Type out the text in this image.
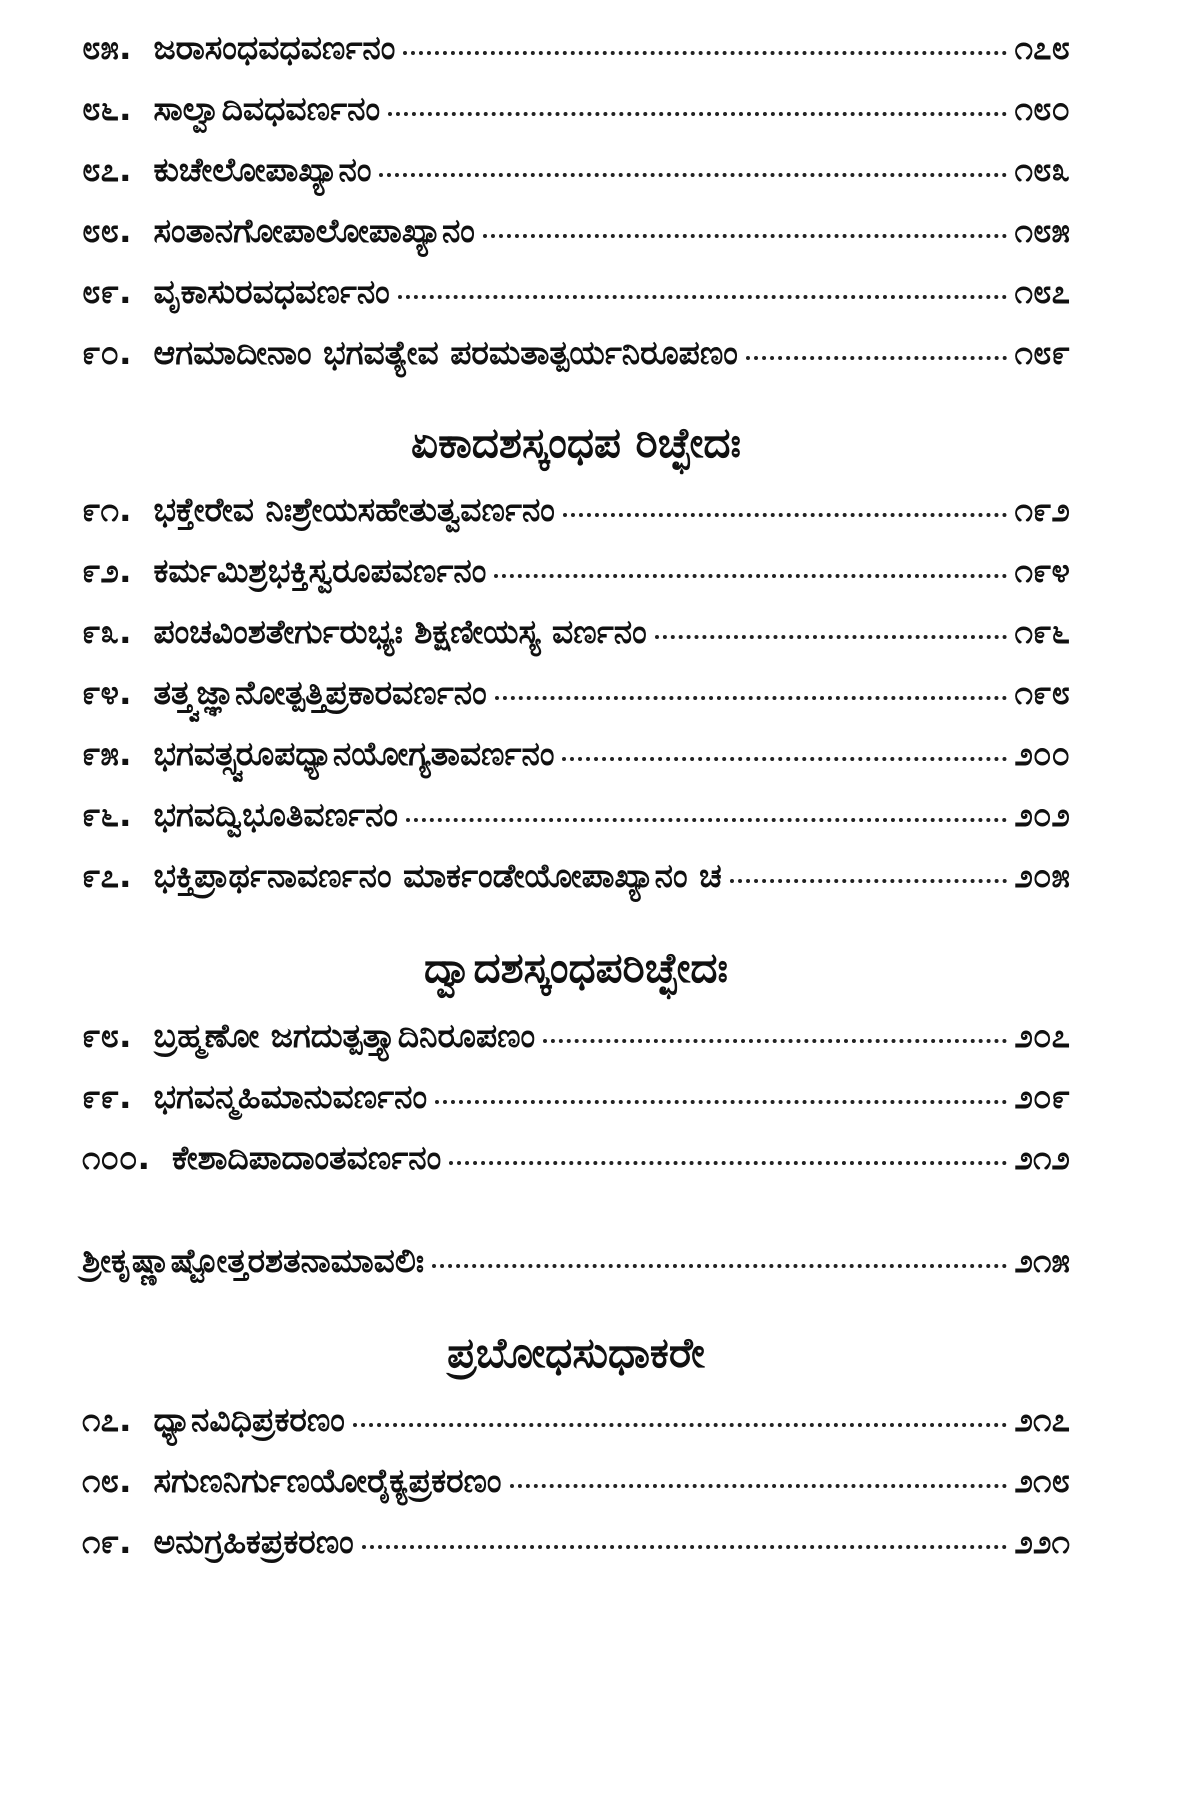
೮೫. ಜರಾಸಂಧವಧವರ್ಣನಂ	೧೭೮
೮೬. ಸಾಲ್ವಾದಿವಧವರ್ಣನಂ	೧೮೦
೮೭. ಕುಚೇಲೋಪಾಖ್ಯಾನಂ	೧೮೩
೮೮. ಸಂತಾನಗೋಪಾಲೋಪಾಖ್ಯಾನಂ	೧೮೫
೮೯. ವೃಕಾಸುರವಧವರ್ಣನಂ	೧೮೭
೯೦. ಆಗಮಾದೀನಾಂ ಭಗವತ್ಯೇವ ಪರಮತಾತ್ಪರ್ಯನಿರೂಪಣಂ	೧೮೯
ಏಕಾದಶಸ್ಕಂಧಪ ರಿಚ್ಛೇದಃ
೯೧. ಭಕ್ತೇರೇವ ನಿಃಶ್ರೇಯಸಹೇತುತ್ವವರ್ಣನಂ	೧೯೨
೯೨. ಕರ್ಮಮಿಶ್ರಭಕ್ತಿಸ್ವರೂಪವರ್ಣನಂ	೧೯೪
೯೩. ಪಂಚವಿಂಶತೇರ್ಗುರುಭ್ಯಃ ಶಿಕ್ಷಣೀಯಸ್ಯ ವರ್ಣನಂ	೧೯೬
೯೪. ತತ್ತ್ವಜ್ಞಾನೋತ್ಪತ್ತಿಪ್ರಕಾರವರ್ಣನಂ	೧೯೮
೯೫. ಭಗವತ್ಸ್ವರೂಪಧ್ಯಾನಯೋಗ್ಯತಾವರ್ಣನಂ	೨೦೦
೯೬. ಭಗವದ್ವಿಭೂತಿವರ್ಣನಂ	೨೦೨
೯೭. ಭಕ್ತಿಪ್ರಾರ್ಥನಾವರ್ಣನಂ ಮಾರ್ಕಂಡೇಯೋಪಾಖ್ಯಾನಂ ಚ	೨೦೫
ದ್ವಾದಶಸ್ಕಂಧಪರಿಚ್ಛೇದಃ
೯೮. ಬ್ರಹ್ಮಣೋ ಜಗದುತ್ಪತ್ತ್ಯಾದಿನಿರೂಪಣಂ	೨೦೭
೯೯. ಭಗವನ್ಮಹಿಮಾನುವರ್ಣನಂ	೨೦೯
೧೦೦. ಕೇಶಾದಿಪಾದಾಂತವರ್ಣನಂ	೨೧೨
ಶ್ರೀಕೃಷ್ಣಾಷ್ಟೋತ್ತರಶತನಾಮಾವಲಿಃ	೨೧೫
ಪ್ರಬೋಧಸುಧಾಕರೇ
೧೭. ಧ್ಯಾನವಿಧಿಪ್ರಕರಣಂ	೨೧೭
೧೮. ಸಗುಣನಿರ್ಗುಣಯೋರೈಕ್ಯಪ್ರಕರಣಂ	೨೧೮
೧೯. ಅನುಗ್ರಹಿಕಪ್ರಕರಣಂ	೨೨೧
